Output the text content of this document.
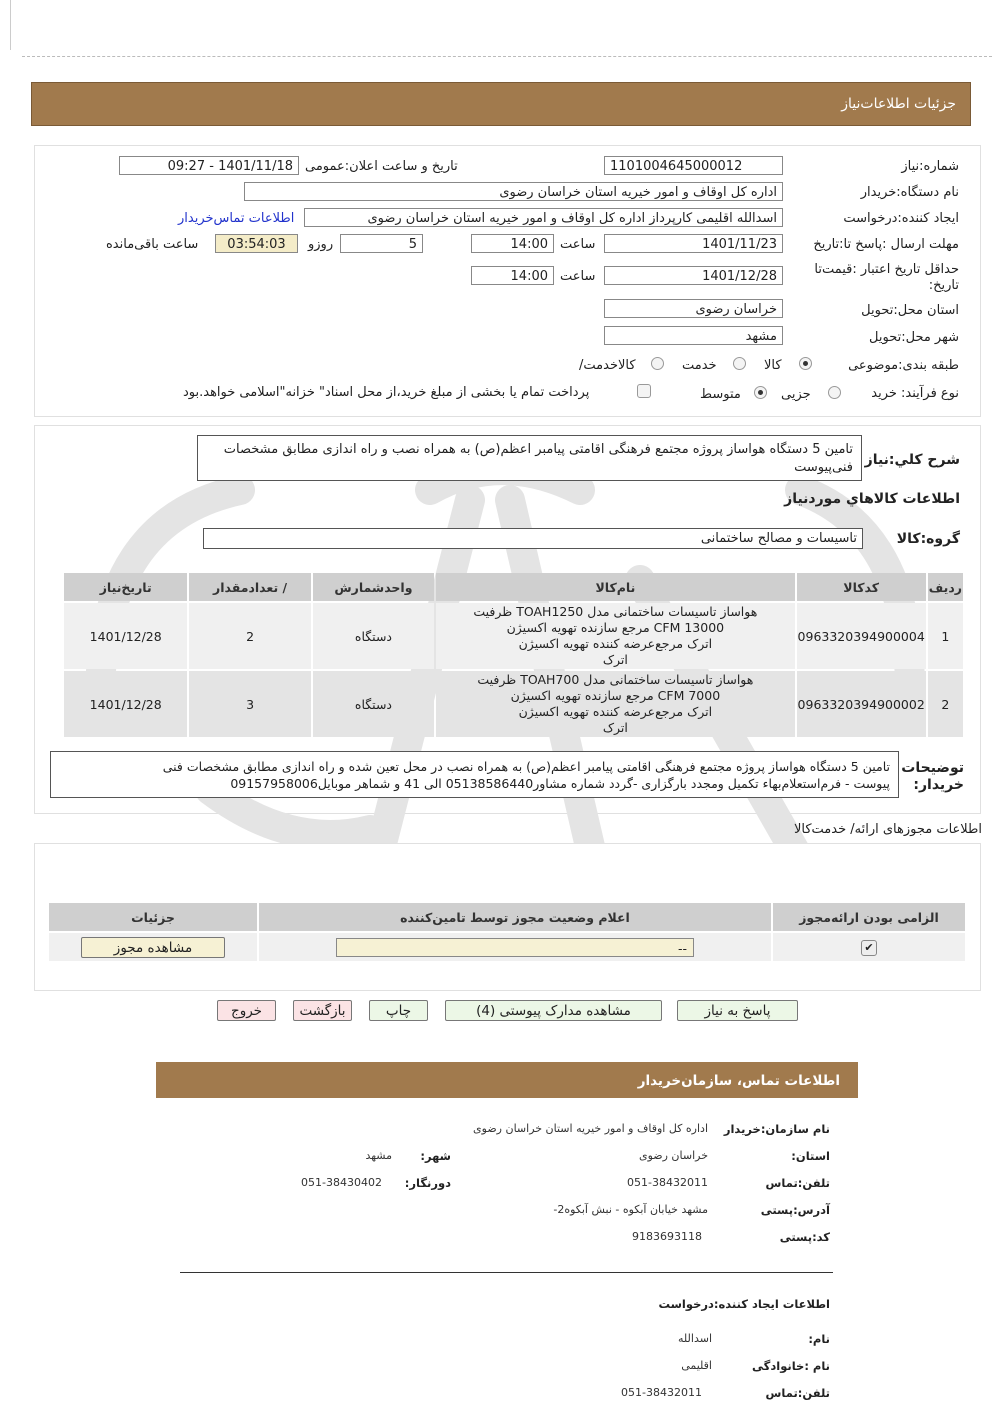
جزئیات اطلاعات‌نیاز
شماره:نیاز
1101004645000012
تاریخ و ساعت اعلان:عمومی
1401/11/18 - 09:27
نام دستگاه:خریدار
اداره کل اوقاف و امور خیریه استان خراسان رضوی
ایجاد کننده:درخواست
اسدالله اقلیمی کارپرداز اداره کل اوقاف و امور خیریه استان خراسان رضوی
اطلاعات تماس‌خریدار
مهلت ارسال :پاسخ تا:تاریخ
1401/11/23
ساعت
14:00
5
روزو
03:54:03
ساعت باقی‌مانده
حداقل تاریخ اعتبار :قیمت‌تا
:تاریخ
1401/12/28
ساعت
14:00
استان محل:تحویل
خراسان رضوی
شهر محل:تحویل
مشهد
طبقه بندی:موضوعی
کالا
خدمت
/کالاخدمت
نوع فرآیند: خرید
جزیی
متوسط
پرداخت تمام یا بخشی از مبلغ خرید،از محل اسناد" خزانه"اسلامی خواهد.بود
شرح کلي:نیاز
تامین 5 دستگاه هواساز پروژه مجتمع فرهنگی اقامتی پیامبر اعظم(ص) به همراه نصب و راه اندازی مطابق مشخصات فنی‌پیوست
اطلاعات کالاهاي موردنیاز
گروه:کالا
تاسیسات و مصالح ساختمانی
ردیف	کدکالا	نام‌کالا	واحدشمارش	/ تعدادمقدار	تاریخ‌نیاز
1	0963320394900004	هواساز تاسیسات ساختمانی مدل TOAH1250 ظرفیت
CFM 13000 مرجع سازنده تهویه اکسیژن
اترک مرجع‌عرضه کننده تهویه اکسیژن
اترک	دستگاه	2	1401/12/28
2	0963320394900002	هواساز تاسیسات ساختمانی مدل TOAH700 ظرفیت
CFM 7000 مرجع سازنده تهویه اکسیژن
اترک مرجع‌عرضه کننده تهویه اکسیژن
اترک	دستگاه	3	1401/12/28
توضیحات
:خریدار
تامین 5 دستگاه هواساز پروژه مجتمع فرهنگی اقامتی پیامبر اعظم(ص) به همراه نصب در محل تعین شده و راه اندازی مطابق مشخصات فنی
پیوست - فرم‌استعلام‌بهاء تکمیل ومجدد بارگزاری -گردد شماره مشاور05138586440 الی 41 و شماهر موبایل09157958006
اطلاعات مجوزهای ارائه/ خدمت‌کالا
الزامی بودن ارائه‌مجوز	اعلام وضعیت مجوز توسط تامین‌کننده	جزئیات
✔	--	مشاهده مجوز
پاسخ به نیاز
مشاهده مدارک پیوستی (4)
چاپ
بازگشت
خروج
اطلاعات تماس، سازمان‌خریدار
نام سازمان:خریدار
اداره کل اوقاف و امور خیریه استان خراسان رضوی
:استان
خراسان رضوی
:شهر
مشهد
تلفن:تماس
051-38432011
:دورنگار
051-38430402
آدرس:پستی
-مشهد خیابان آبکوه - نبش آبکوه2
کد:پستی
9183693118
اطلاعات ایجاد کننده:درخواست
:نام
اسدالله
نام :خانوادگی
اقلیمی
تلفن:تماس
051-38432011
